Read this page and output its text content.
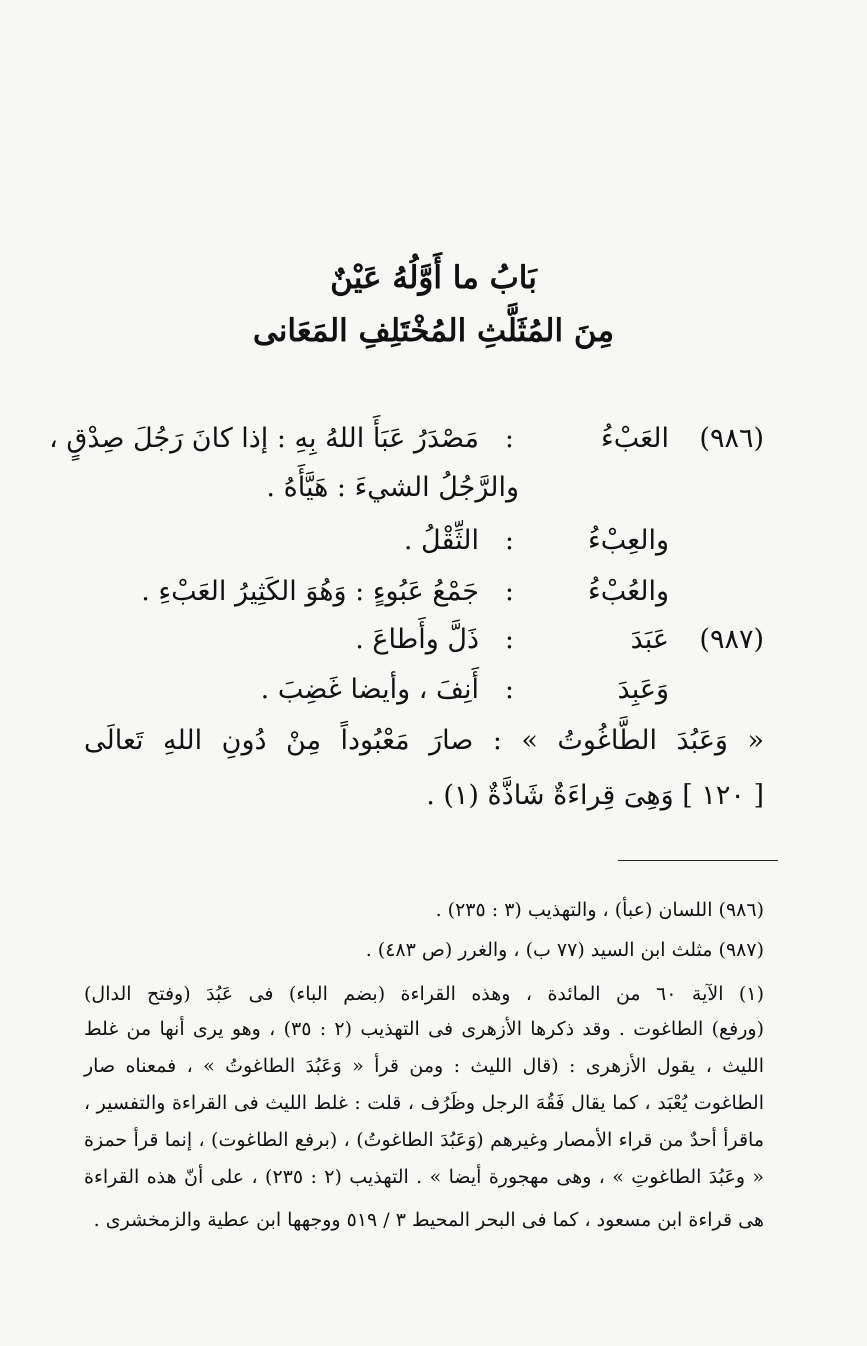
بَابُ ما أَوَّلُهُ عَيْنٌ
مِنَ المُثَلَّثِ المُخْتَلِفِ المَعَانى
(٩٨٦)
العَبْءُ
:
مَصْدَرُ عَبَأَ اللهُ بِهِ : إذا كانَ رَجُلَ صِدْقٍ ،
والرَّجُلُ الشيءَ : هَيَّأَهُ .
والعِبْءُ
:
الثِّقْلُ .
والعُبْءُ
:
جَمْعُ عَبُوءٍ : وَهُوَ الكَثِيرُ العَبْءِ .
(٩٨٧)
عَبَدَ
:
ذَلَّ وأَطاعَ .
وَعَبِدَ
:
أَنِفَ ، وأيضا غَضِبَ .
« وَعَبُدَ الطَّاغُوتُ » : صارَ مَعْبُوداً مِنْ دُونِ اللهِ تَعالَى
[ ١٢٠ ] وَهِىَ قِراءَةٌ شَاذَّةٌ (١) .
(٩٨٦) اللسان (عبأ) ، والتهذيب (٣ : ٢٣٥) .
(٩٨٧) مثلث ابن السيد (٧٧ ب) ، والغرر (ص ٤٨٣) .
(١) الآية ٦٠ من المائدة ، وهذه القراءة (بضم الباء) فى عَبُدَ (وفتح الدال)
(ورفع) الطاغوت . وقد ذكرها الأزهرى فى التهذيب (٢ : ٣٥) ، وهو يرى أنها من غلط
الليث ، يقول الأزهرى : (قال الليث : ومن قرأ « وَعَبُدَ الطاغوتُ » ، فمعناه صار
الطاغوت يُعْبَد ، كما يقال فَقُهَ الرجل وظَرُف ، قلت : غلط الليث فى القراءة والتفسير ،
ماقرأ أحدٌ من قراء الأمصار وغيرهم (وَعَبُدَ الطاغوتُ) ، (برفع الطاغوت) ، إنما قرأ حمزة
« وعَبُدَ الطاغوتِ » ، وهى مهجورة أيضا » . التهذيب (٢ : ٢٣٥) ، على أنّ هذه القراءة
هى قراءة ابن مسعود ، كما فى البحر المحيط ٣ / ٥١٩ ووجهها ابن عطية والزمخشرى .
